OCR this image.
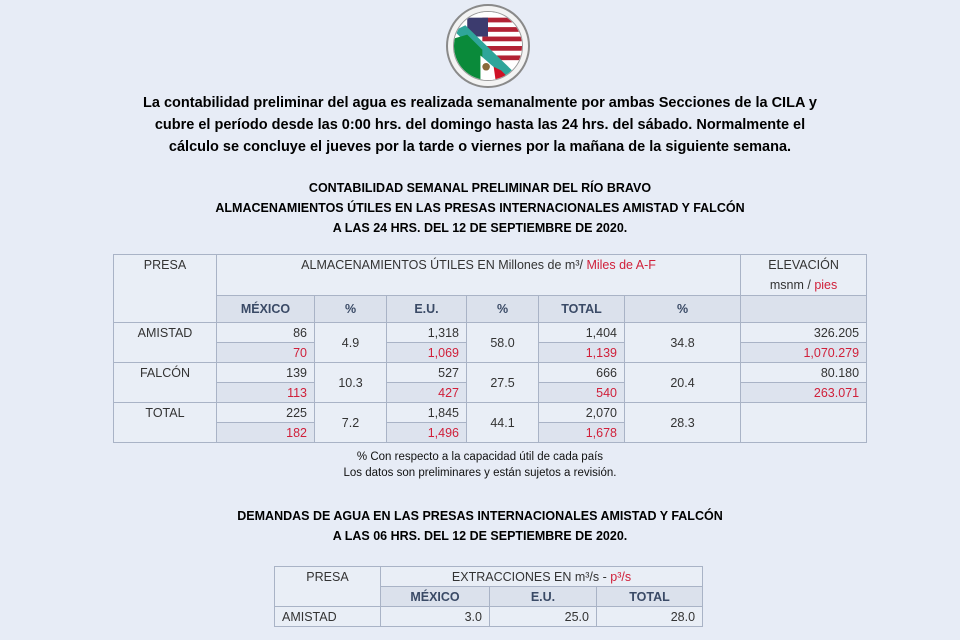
La contabilidad preliminar del agua es realizada semanalmente por ambas Secciones de la CILA y
cubre el período desde las 0:00 hrs. del domingo hasta las 24 hrs. del sábado. Normalmente el
cálculo se concluye el jueves por la tarde o viernes por la mañana de la siguiente semana.
CONTABILIDAD SEMANAL PRELIMINAR DEL RÍO BRAVO
ALMACENAMIENTOS ÚTILES EN LAS PRESAS INTERNACIONALES AMISTAD Y FALCÓN
A LAS 24 HRS. DEL 12 DE SEPTIEMBRE DE 2020.
PRESA	ALMACENAMIENTOS ÚTILES EN Millones de m³/ Miles de A-F						ELEVACIÓN
msnm / pies

	MÉXICO	%	E.U.	%	TOTAL	%	
AMISTAD	86	4.9	1,318	58.0	1,404	34.8	326.205
	70		1,069		1,139		1,070.279
FALCÓN	139	10.3	527	27.5	666	20.4	80.180
	113		427		540		263.071
TOTAL	225	7.2	1,845	44.1	2,070	28.3	
	182		1,496		1,678		
% Con respecto a la capacidad útil de cada país
Los datos son preliminares y están sujetos a revisión.
DEMANDAS DE AGUA EN LAS PRESAS INTERNACIONALES AMISTAD Y FALCÓN
A LAS 06 HRS. DEL 12 DE SEPTIEMBRE DE 2020.
PRESA	EXTRACCIONES EN m³/s - p³/s		
	MÉXICO	E.U.	TOTAL
AMISTAD	3.0	25.0	28.0
